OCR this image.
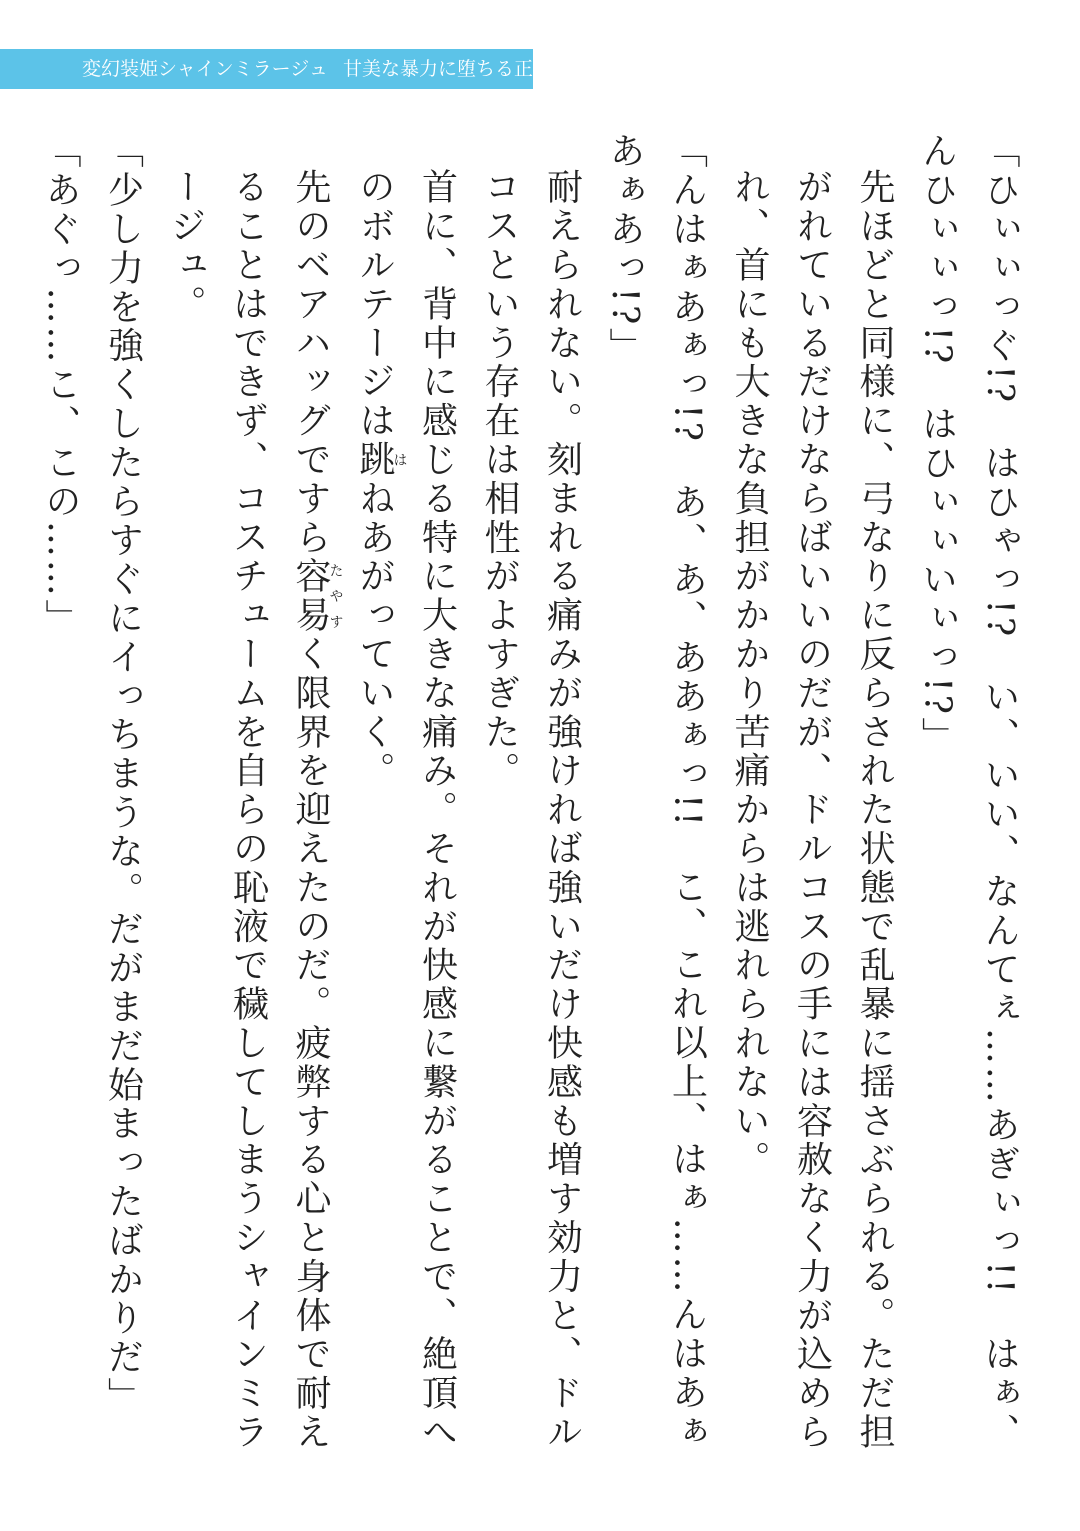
変幻装姫シャインミラージュ 甘美な暴力に堕ちる正義

「ひぃぃっぐ!?　はひゃっ!?　い、いい、なんてぇ……あぎぃっ!!　はぁ、んひぃぃっ!?　はひぃぃいぃっ!?」

先ほどと同様に、弓なりに反らされた状態で乱暴に揺さぶられる。ただ担がれているだけならばいいのだが、ドルコスの手には容赦なく力が込められ、首にも大きな負担がかかり苦痛からは逃れられない。

「んはぁあぁっ!?　あ、あ、ああぁっ!!　こ、これ以上、はぁ……んはあぁあぁあっ!?」

耐えられない。刻まれる痛みが強ければ強いだけ快感も増す効力と、ドルコスという存在は相性がよすぎた。

首に、背中に感じる特に大きな痛み。それが快感に繋がることで、絶頂へのボルテージは跳はねあがっていく。

先のベアハッグですら容易たやすく限界を迎えたのだ。疲弊する心と身体で耐えることはできず、コスチュームを自らの恥液で穢してしまうシャインミラージュ。

「少し力を強くしたらすぐにイっちまうな。だがまだ始まったばかりだ」

「あぐっ……こ、この……」
